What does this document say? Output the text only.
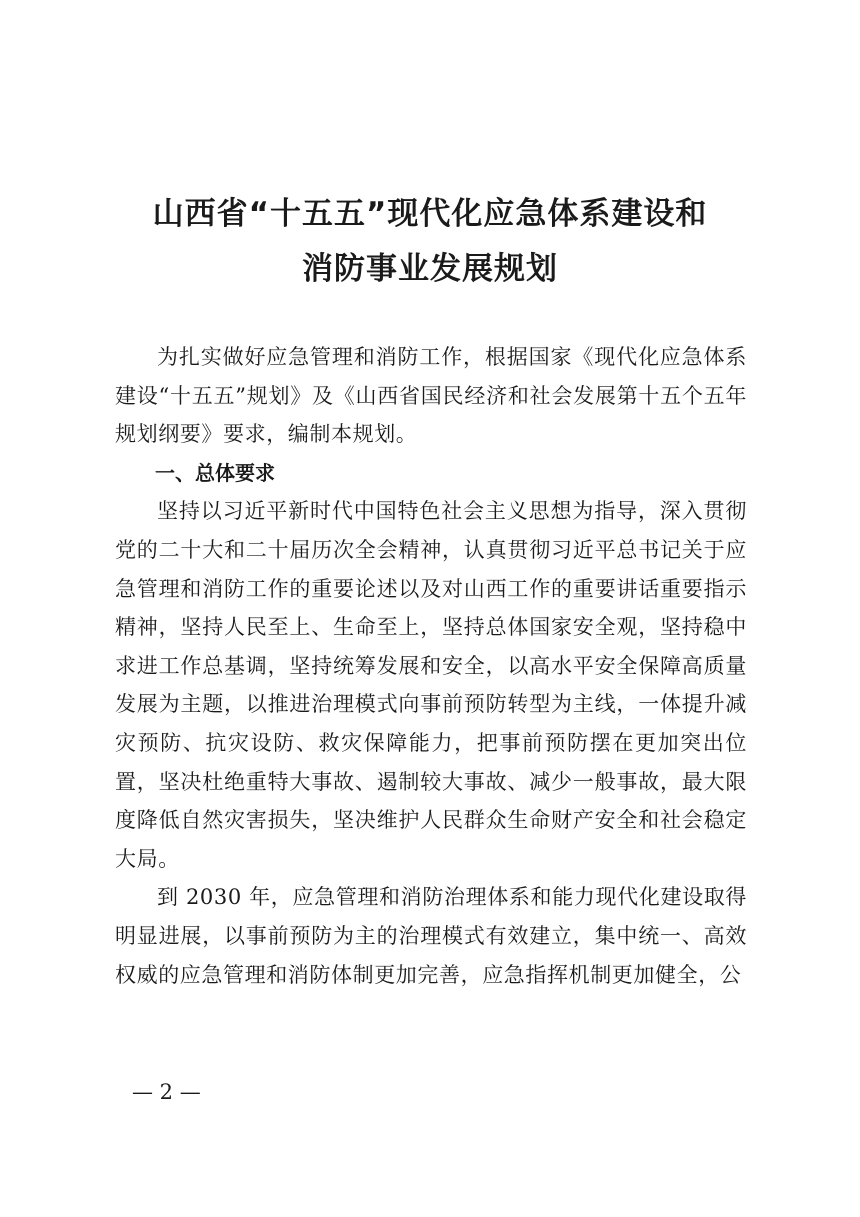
山西省“十五五”现代化应急体系建设和
消防事业发展规划

为扎实做好应急管理和消防工作，根据国家《现代化应急体系建设“十五五”规划》及《山西省国民经济和社会发展第十五个五年规划纲要》要求，编制本规划。

一、总体要求

坚持以习近平新时代中国特色社会主义思想为指导，深入贯彻党的二十大和二十届历次全会精神，认真贯彻习近平总书记关于应急管理和消防工作的重要论述以及对山西工作的重要讲话重要指示精神，坚持人民至上、生命至上，坚持总体国家安全观，坚持稳中求进工作总基调，坚持统筹发展和安全，以高水平安全保障高质量发展为主题，以推进治理模式向事前预防转型为主线，一体提升减灾预防、抗灾设防、救灾保障能力，把事前预防摆在更加突出位置，坚决杜绝重特大事故、遏制较大事故、减少一般事故，最大限度降低自然灾害损失，坚决维护人民群众生命财产安全和社会稳定大局。

到 2030 年，应急管理和消防治理体系和能力现代化建设取得明显进展，以事前预防为主的治理模式有效建立，集中统一、高效权威的应急管理和消防体制更加完善，应急指挥机制更加健全，公

— 2 —
